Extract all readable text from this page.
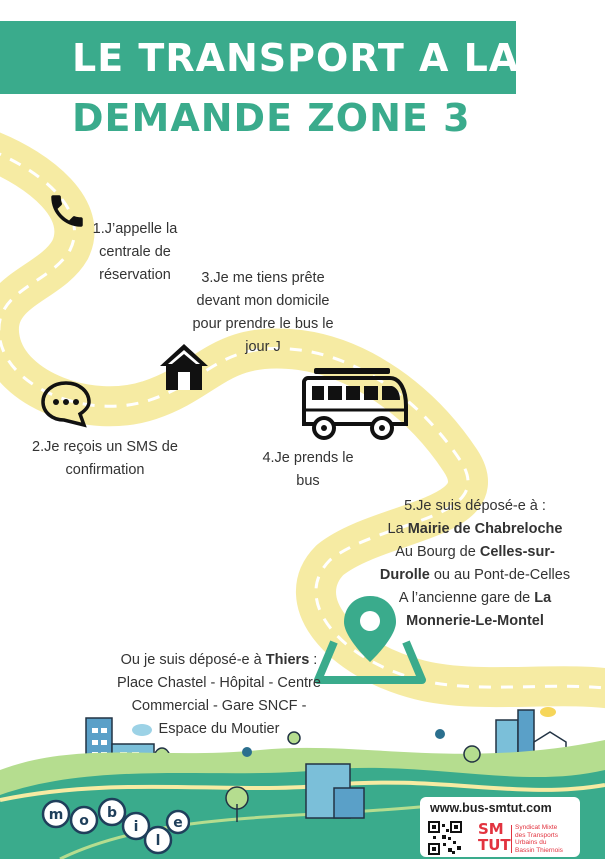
LE TRANSPORT A LA
DEMANDE ZONE 3
1.J’appelle la
centrale de
réservation	3.Je me tiens prête
devant mon domicile
pour prendre le bus le
jour J
2.Je reçois un SMS de
confirmation
4.Je prends le
bus
5.Je suis déposé-e à :
La Mairie de Chabreloche
Au Bourg de Celles-sur-
Durolle ou au Pont-de-Celles
A l’ancienne gare de La
Monnerie-Le-Montel
Ou je suis déposé-e à Thiers :
Place Chastel - Hôpital - Centre
Commercial - Gare SNCF -
Espace du Moutier
m o b
i
l
e
www.bus-smtut.com
SM
TUT
Syndicat Mixte
des Transports
Urbains du
Bassin Thiernois
